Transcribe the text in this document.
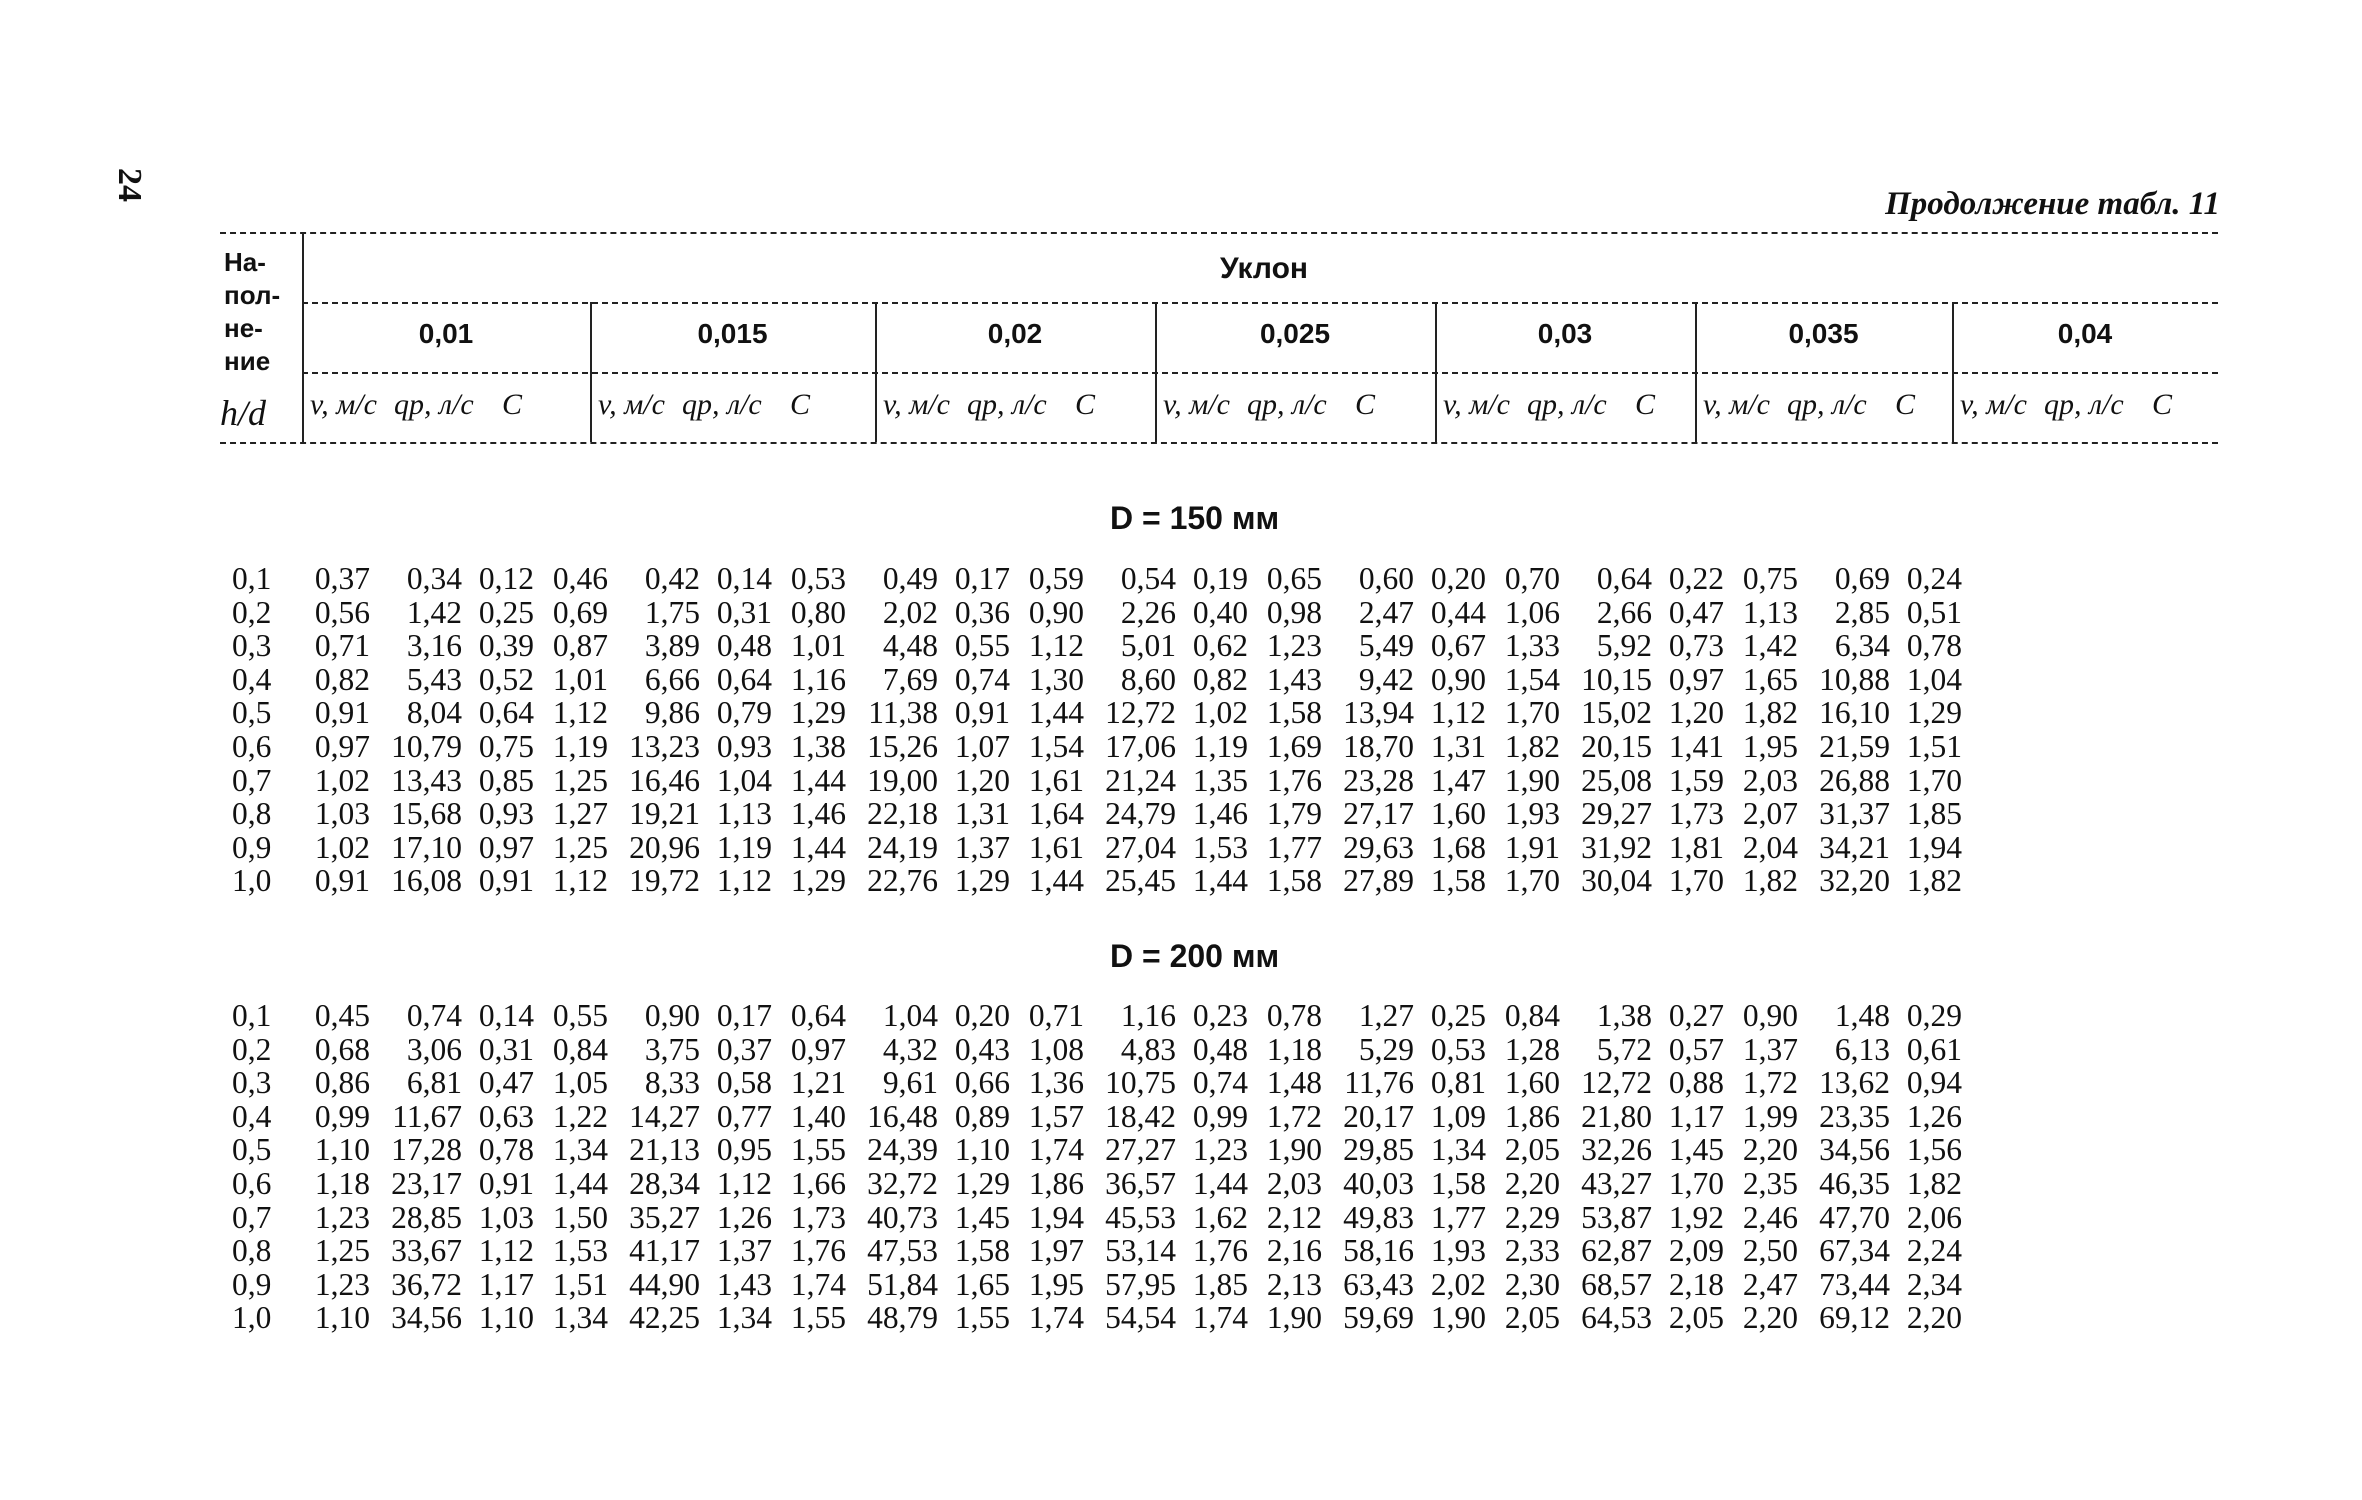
24
Продолжение табл. 11
На-
пол-
не-
ние
h/d
Уклон
0,01	0,015	0,02	0,025	0,03	0,035	0,04
v, м/с qр, л/с C	v, м/с qр, л/с C v, м/с qр, л/с C v, м/с qр, л/с C v, м/с qр, л/с C v, м/с qр, л/с C v, м/с qр, л/с C
D = 150 мм
0,1	0,37	0,34	0,12	0,46	0,42	0,14	0,53	0,49	0,17	0,59	0,54	0,19	0,65	0,60	0,20	0,70	0,64	0,22	0,75	0,69	0,24
0,2	0,56	1,42	0,25	0,69	1,75	0,31	0,80	2,02	0,36	0,90	2,26	0,40	0,98	2,47	0,44	1,06	2,66	0,47	1,13	2,85	0,51
0,3	0,71	3,16	0,39	0,87	3,89	0,48	1,01	4,48	0,55	1,12	5,01	0,62	1,23	5,49	0,67	1,33	5,92	0,73	1,42	6,34	0,78
0,4	0,82	5,43	0,52	1,01	6,66	0,64	1,16	7,69	0,74	1,30	8,60	0,82	1,43	9,42	0,90	1,54	10,15	0,97	1,65	10,88	1,04
0,5	0,91	8,04	0,64	1,12	9,86	0,79	1,29	11,38	0,91	1,44	12,72	1,02	1,58	13,94	1,12	1,70	15,02	1,20	1,82	16,10	1,29
0,6	0,97	10,79	0,75	1,19	13,23	0,93	1,38	15,26	1,07	1,54	17,06	1,19	1,69	18,70	1,31	1,82	20,15	1,41	1,95	21,59	1,51
0,7	1,02	13,43	0,85	1,25	16,46	1,04	1,44	19,00	1,20	1,61	21,24	1,35	1,76	23,28	1,47	1,90	25,08	1,59	2,03	26,88	1,70
0,8	1,03	15,68	0,93	1,27	19,21	1,13	1,46	22,18	1,31	1,64	24,79	1,46	1,79	27,17	1,60	1,93	29,27	1,73	2,07	31,37	1,85
0,9	1,02	17,10	0,97	1,25	20,96	1,19	1,44	24,19	1,37	1,61	27,04	1,53	1,77	29,63	1,68	1,91	31,92	1,81	2,04	34,21	1,94
1,0	0,91	16,08	0,91	1,12	19,72	1,12	1,29	22,76	1,29	1,44	25,45	1,44	1,58	27,89	1,58	1,70	30,04	1,70	1,82	32,20	1,82
D = 200 мм
0,1	0,45	0,74	0,14	0,55	0,90	0,17	0,64	1,04	0,20	0,71	1,16	0,23	0,78	1,27	0,25	0,84	1,38	0,27	0,90	1,48	0,29
0,2	0,68	3,06	0,31	0,84	3,75	0,37	0,97	4,32	0,43	1,08	4,83	0,48	1,18	5,29	0,53	1,28	5,72	0,57	1,37	6,13	0,61
0,3	0,86	6,81	0,47	1,05	8,33	0,58	1,21	9,61	0,66	1,36	10,75	0,74	1,48	11,76	0,81	1,60	12,72	0,88	1,72	13,62	0,94
0,4	0,99	11,67	0,63	1,22	14,27	0,77	1,40	16,48	0,89	1,57	18,42	0,99	1,72	20,17	1,09	1,86	21,80	1,17	1,99	23,35	1,26
0,5	1,10	17,28	0,78	1,34	21,13	0,95	1,55	24,39	1,10	1,74	27,27	1,23	1,90	29,85	1,34	2,05	32,26	1,45	2,20	34,56	1,56
0,6	1,18	23,17	0,91	1,44	28,34	1,12	1,66	32,72	1,29	1,86	36,57	1,44	2,03	40,03	1,58	2,20	43,27	1,70	2,35	46,35	1,82
0,7	1,23	28,85	1,03	1,50	35,27	1,26	1,73	40,73	1,45	1,94	45,53	1,62	2,12	49,83	1,77	2,29	53,87	1,92	2,46	47,70	2,06
0,8	1,25	33,67	1,12	1,53	41,17	1,37	1,76	47,53	1,58	1,97	53,14	1,76	2,16	58,16	1,93	2,33	62,87	2,09	2,50	67,34	2,24
0,9	1,23	36,72	1,17	1,51	44,90	1,43	1,74	51,84	1,65	1,95	57,95	1,85	2,13	63,43	2,02	2,30	68,57	2,18	2,47	73,44	2,34
1,0	1,10	34,56	1,10	1,34	42,25	1,34	1,55	48,79	1,55	1,74	54,54	1,74	1,90	59,69	1,90	2,05	64,53	2,05	2,20	69,12	2,20
